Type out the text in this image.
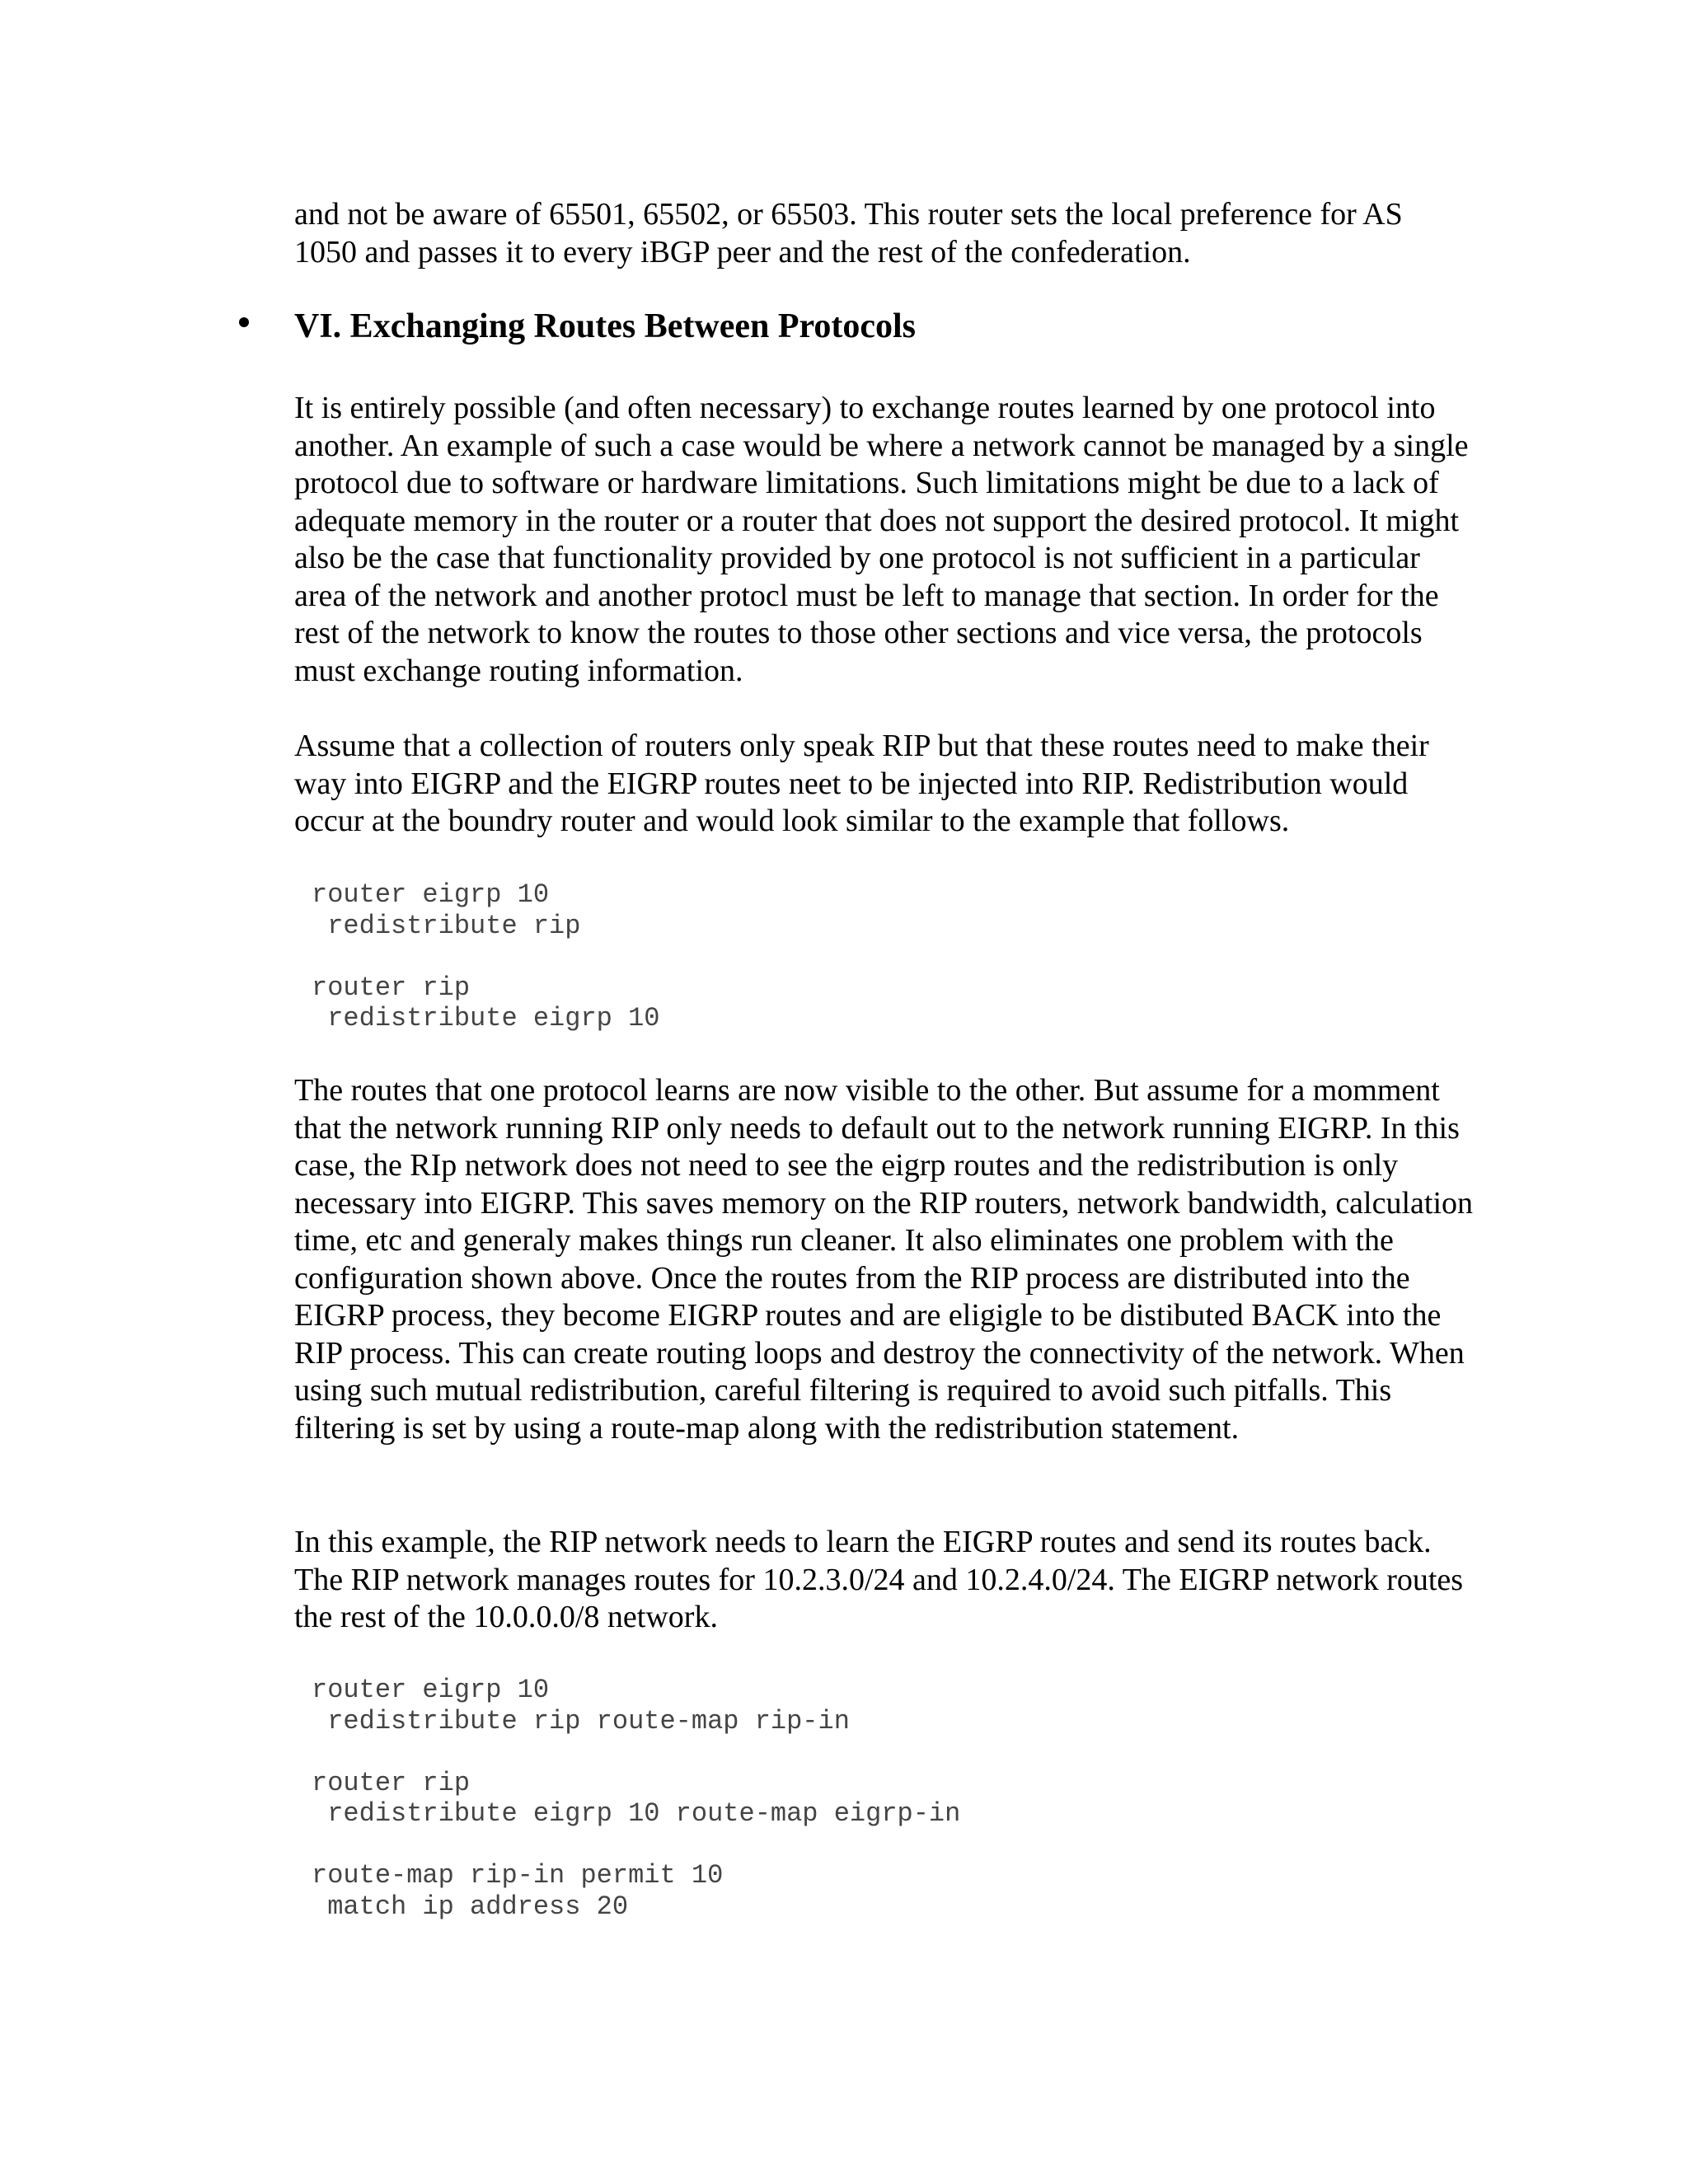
and not be aware of 65501, 65502, or 65503. This router sets the local preference for AS 1050 and passes it to every iBGP peer and the rest of the confederation.

VI. Exchanging Routes Between Protocols

It is entirely possible (and often necessary) to exchange routes learned by one protocol into another. An example of such a case would be where a network cannot be managed by a single protocol due to software or hardware limitations. Such limitations might be due to a lack of adequate memory in the router or a router that does not support the desired protocol. It might also be the case that functionality provided by one protocol is not sufficient in a particular area of the network and another protocl must be left to manage that section. In order for the rest of the network to know the routes to those other sections and vice versa, the protocols must exchange routing information.

Assume that a collection of routers only speak RIP but that these routes need to make their way into EIGRP and the EIGRP routes neet to be injected into RIP. Redistribution would occur at the boundry router and would look similar to the example that follows.

router eigrp 10
redistribute rip

router rip
redistribute eigrp 10

The routes that one protocol learns are now visible to the other. But assume for a momment that the network running RIP only needs to default out to the network running EIGRP. In this case, the RIp network does not need to see the eigrp routes and the redistribution is only necessary into EIGRP. This saves memory on the RIP routers, network bandwidth, calculation time, etc and generaly makes things run cleaner. It also eliminates one problem with the configuration shown above. Once the routes from the RIP process are distributed into the EIGRP process, they become EIGRP routes and are eligigle to be distibuted BACK into the RIP process. This can create routing loops and destroy the connectivity of the network. When using such mutual redistribution, careful filtering is required to avoid such pitfalls. This filtering is set by using a route-map along with the redistribution statement.

In this example, the RIP network needs to learn the EIGRP routes and send its routes back. The RIP network manages routes for 10.2.3.0/24 and 10.2.4.0/24. The EIGRP network routes the rest of the 10.0.0.0/8 network.

router eigrp 10
redistribute rip route-map rip-in

router rip
redistribute eigrp 10 route-map eigrp-in

route-map rip-in permit 10
match ip address 20
